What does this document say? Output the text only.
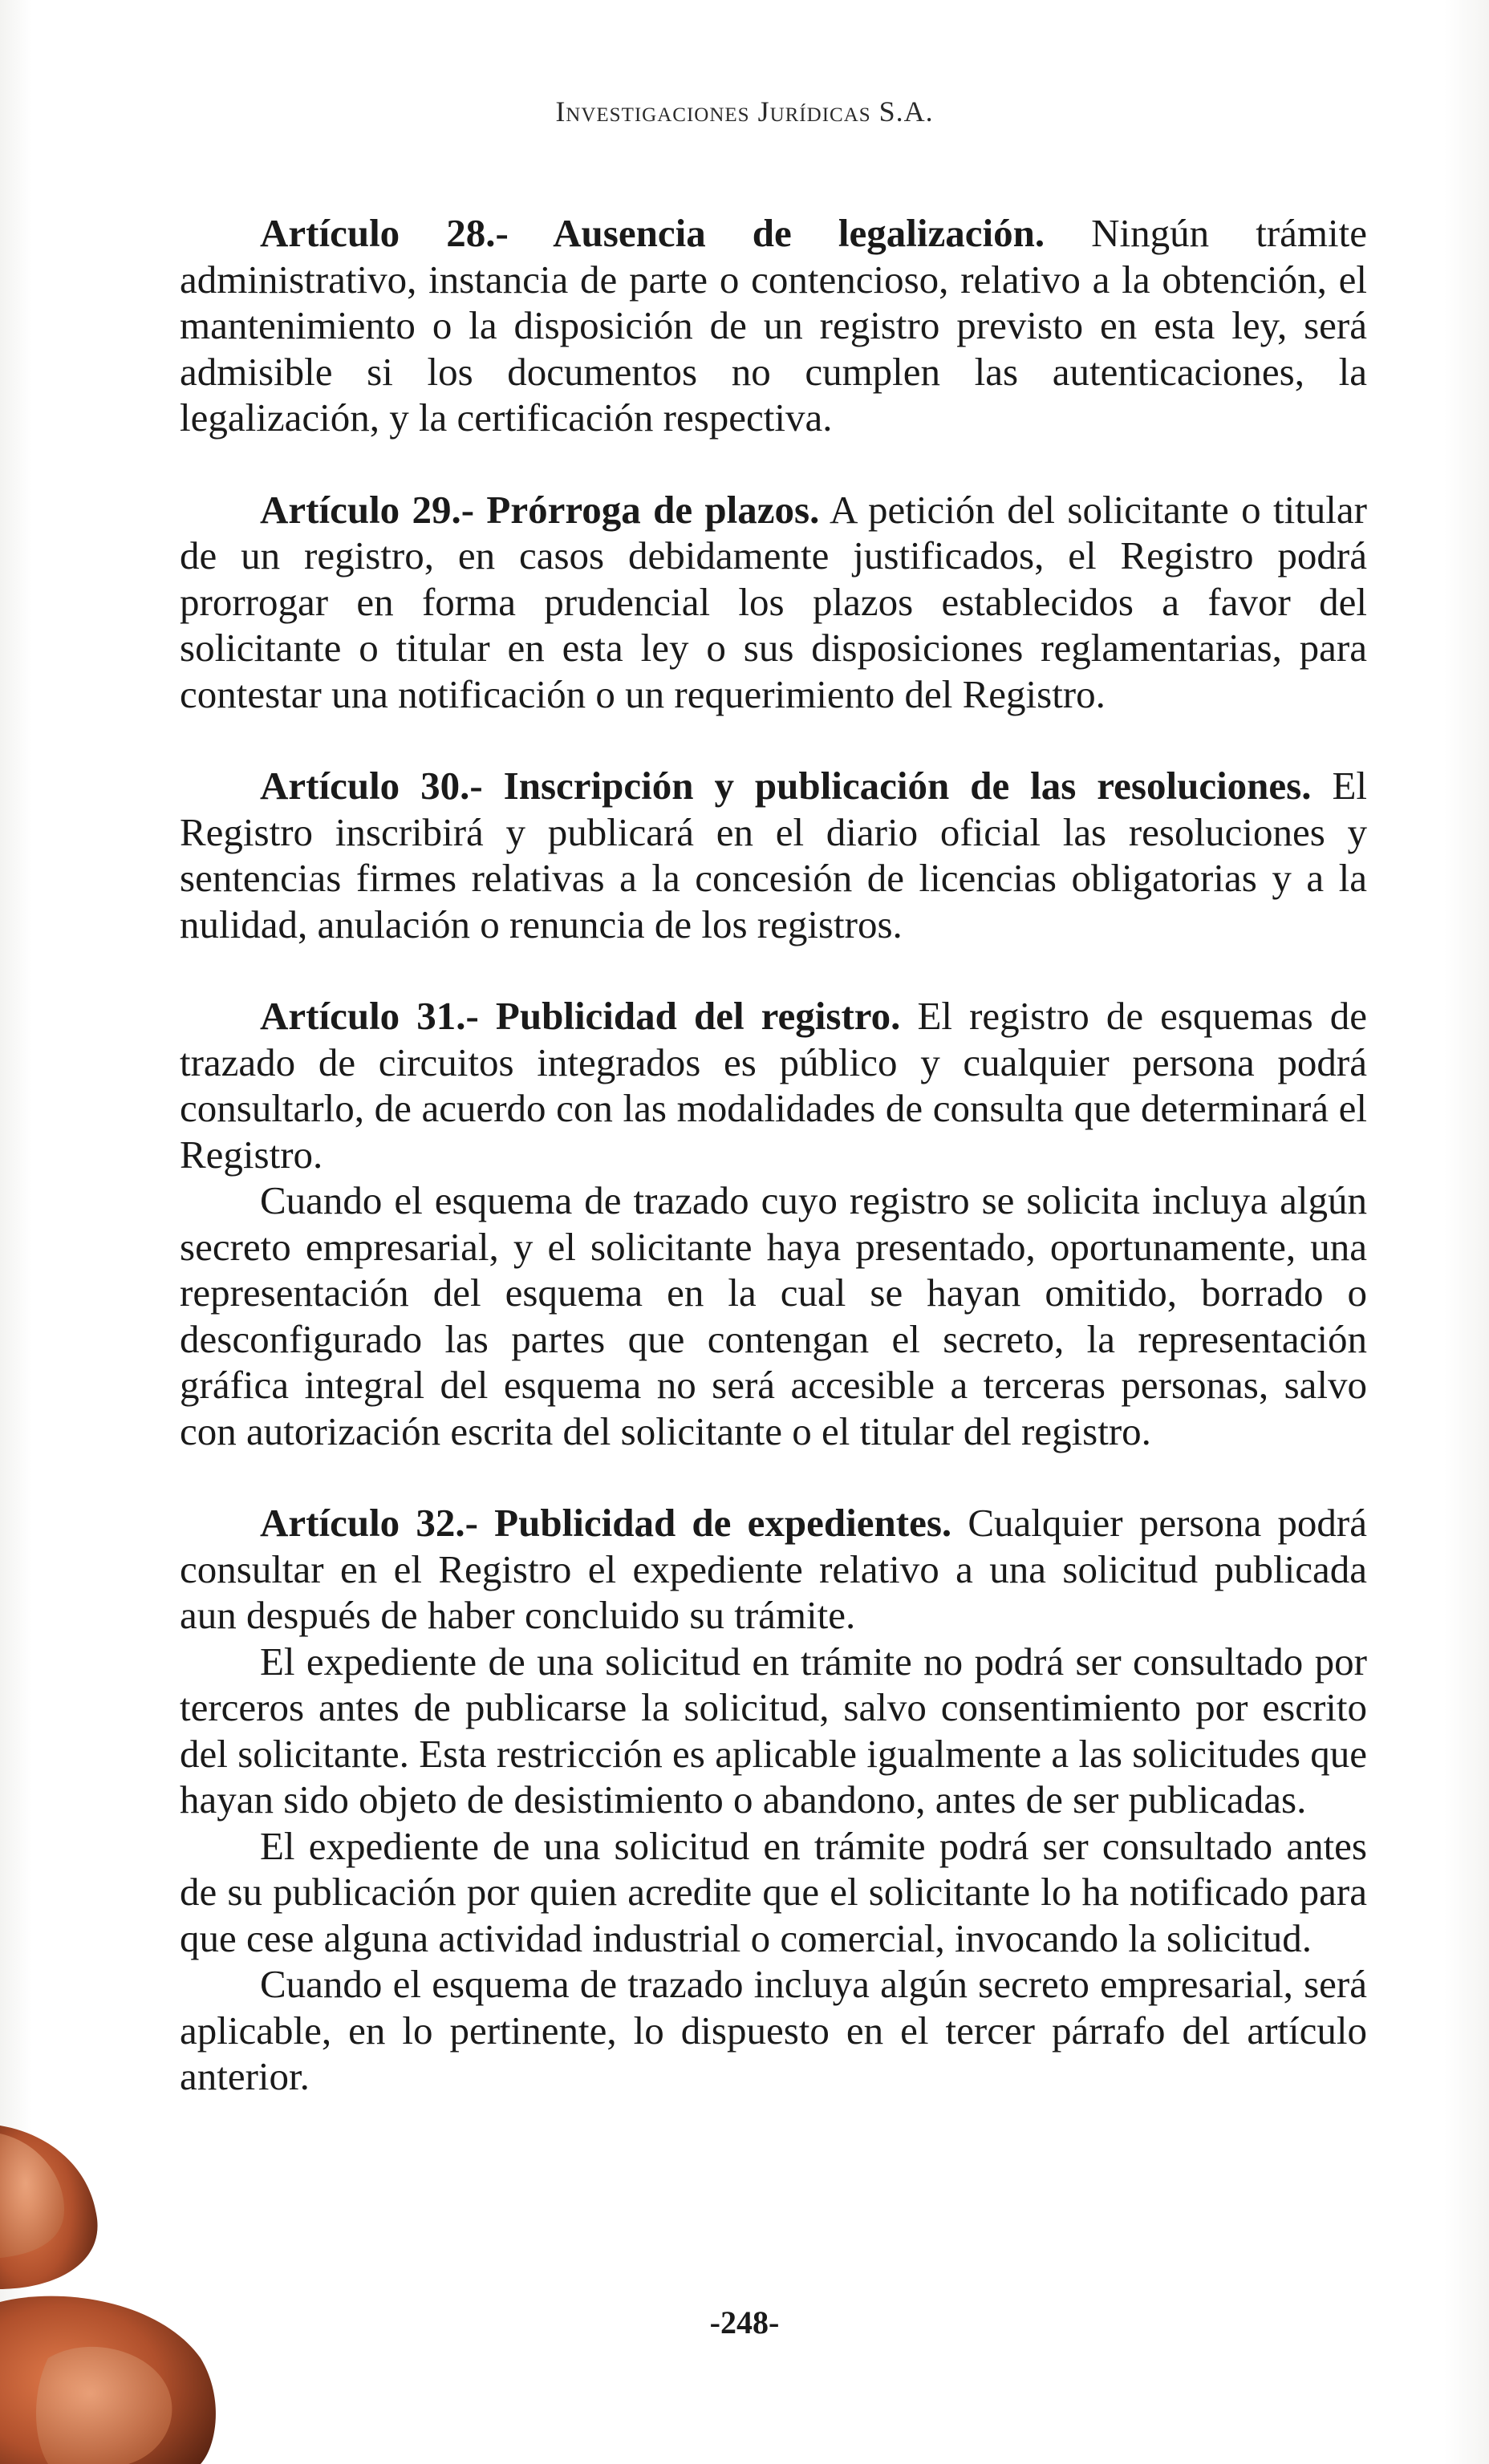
Investigaciones Jurídicas S.A.

Artículo 28.- Ausencia de legalización. Ningún trámite administrativo, instancia de parte o contencioso, relativo a la obtención, el mantenimiento o la disposición de un registro previsto en esta ley, será admisible si los documentos no cumplen las autenticaciones, la legalización, y la certificación respectiva.

Artículo 29.- Prórroga de plazos. A petición del solicitante o titular de un registro, en casos debidamente justificados, el Registro podrá prorrogar en forma prudencial los plazos establecidos a favor del solicitante o titular en esta ley o sus disposiciones reglamentarias, para contestar una notificación o un requerimiento del Registro.

Artículo 30.- Inscripción y publicación de las resoluciones. El Registro inscribirá y publicará en el diario oficial las resoluciones y sentencias firmes relativas a la concesión de licencias obligatorias y a la nulidad, anulación o renuncia de los registros.

Artículo 31.- Publicidad del registro. El registro de esquemas de trazado de circuitos integrados es público y cualquier persona podrá consultarlo, de acuerdo con las modalidades de consulta que determinará el Registro.

Cuando el esquema de trazado cuyo registro se solicita incluya algún secreto empresarial, y el solicitante haya presentado, oportunamente, una representación del esquema en la cual se hayan omitido, borrado o desconfigurado las partes que contengan el secreto, la representación gráfica integral del esquema no será accesible a terceras personas, salvo con autorización escrita del solicitante o el titular del registro.

Artículo 32.- Publicidad de expedientes. Cualquier persona podrá consultar en el Registro el expediente relativo a una solicitud publicada aun después de haber concluido su trámite.

El expediente de una solicitud en trámite no podrá ser consultado por terceros antes de publicarse la solicitud, salvo consentimiento por escrito del solicitante. Esta restricción es aplicable igualmente a las solicitudes que hayan sido objeto de desistimiento o abandono, antes de ser publicadas.

El expediente de una solicitud en trámite podrá ser consultado antes de su publicación por quien acredite que el solicitante lo ha notificado para que cese alguna actividad industrial o comercial, invocando la solicitud.

Cuando el esquema de trazado incluya algún secreto empresarial, será aplicable, en lo pertinente, lo dispuesto en el tercer párrafo del artículo anterior.

-248-
